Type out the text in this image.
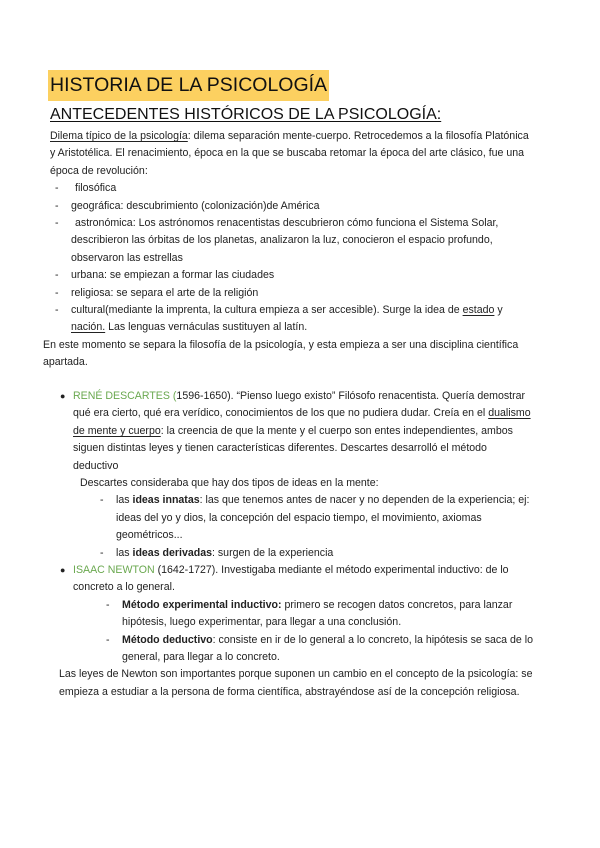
HISTORIA DE LA PSICOLOGÍA
ANTECEDENTES HISTÓRICOS DE LA PSICOLOGÍA:

Dilema típico de la psicología: dilema separación mente-cuerpo. Retrocedemos a la filosofía Platónica

y Aristotélica. El renacimiento, época en la que se buscaba retomar la época del arte clásico, fue una

época de revolución:

- filosófica

- geográfica: descubrimiento (colonización)de América

- astronómica: Los astrónomos renacentistas descubrieron cómo funciona el Sistema Solar,

describieron las órbitas de los planetas, analizaron la luz, conocieron el espacio profundo,

observaron las estrellas

- urbana: se empiezan a formar las ciudades

- religiosa: se separa el arte de la religión

- cultural(mediante la imprenta, la cultura empieza a ser accesible). Surge la idea de estado y

nación. Las lenguas vernáculas sustituyen al latín.

En este momento se separa la filosofía de la psicología, y esta empieza a ser una disciplina científica

apartada.

● RENÉ DESCARTES (1596-1650). “Pienso luego existo” Filósofo renacentista. Quería demostrar

qué era cierto, qué era verídico, conocimientos de los que no pudiera dudar. Creía en el dualismo

de mente y cuerpo: la creencia de que la mente y el cuerpo son entes independientes, ambos

siguen distintas leyes y tienen características diferentes. Descartes desarrolló el método

deductivo

Descartes consideraba que hay dos tipos de ideas en la mente:

- las ideas innatas: las que tenemos antes de nacer y no dependen de la experiencia; ej:

ideas del yo y dios, la concepción del espacio tiempo, el movimiento, axiomas

geométricos...

- las ideas derivadas: surgen de la experiencia

● ISAAC NEWTON (1642-1727). Investigaba mediante el método experimental inductivo: de lo

concreto a lo general.

- Método experimental inductivo: primero se recogen datos concretos, para lanzar

hipótesis, luego experimentar, para llegar a una conclusión.

- Método deductivo: consiste en ir de lo general a lo concreto, la hipótesis se saca de lo

general, para llegar a lo concreto.

Las leyes de Newton son importantes porque suponen un cambio en el concepto de la psicología: se

empieza a estudiar a la persona de forma científica, abstrayéndose así de la concepción religiosa.
